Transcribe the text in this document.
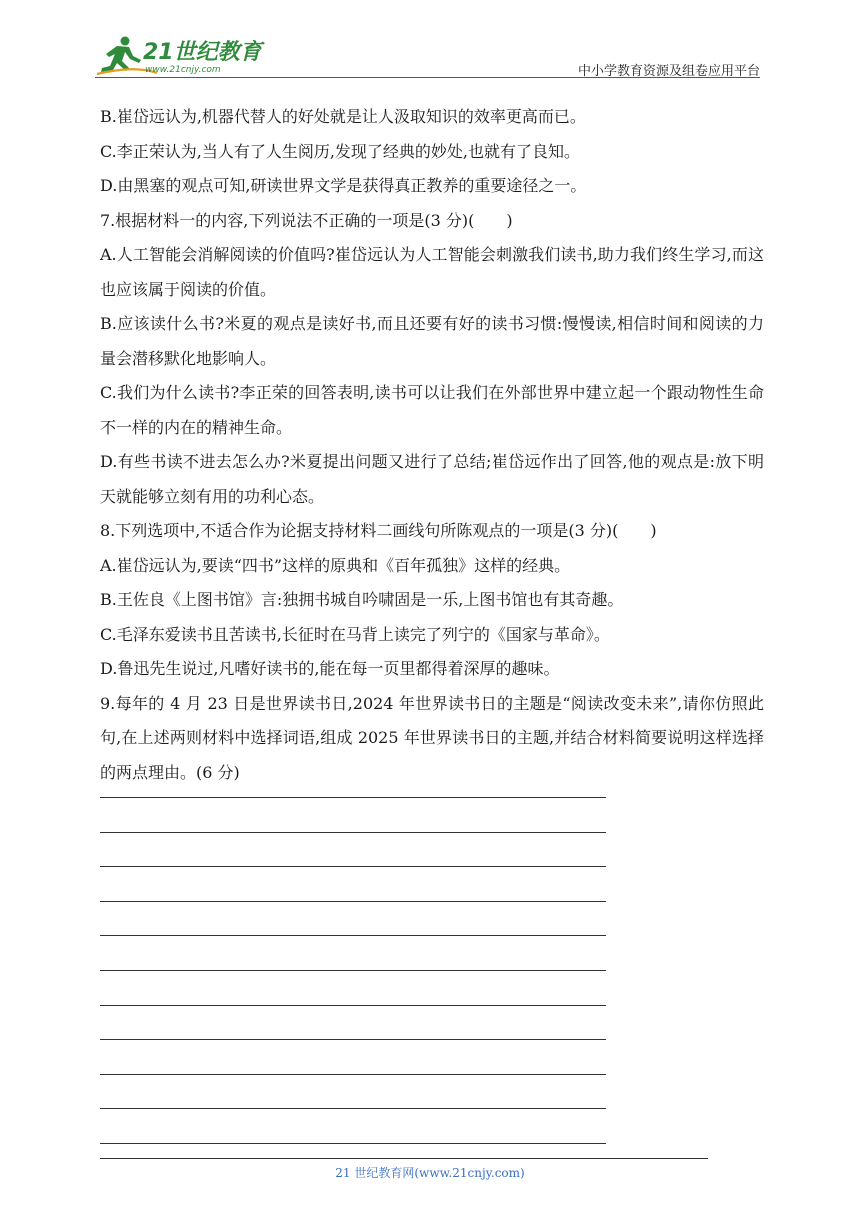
21世纪教育
www.21cnjy.com	中小学教育资源及组卷应用平台
B.崔岱远认为,机器代替人的好处就是让人汲取知识的效率更高而已。
C.李正荣认为,当人有了人生阅历,发现了经典的妙处,也就有了良知。
D.由黑塞的观点可知,研读世界文学是获得真正教养的重要途径之一。
7.根据材料一的内容,下列说法不正确的一项是(3 分)(　　)
A.人工智能会消解阅读的价值吗?崔岱远认为人工智能会刺激我们读书,助力我们终生学习,而这也应该属于阅读的价值。
B.应该读什么书?米夏的观点是读好书,而且还要有好的读书习惯:慢慢读,相信时间和阅读的力量会潜移默化地影响人。
C.我们为什么读书?李正荣的回答表明,读书可以让我们在外部世界中建立起一个跟动物性生命不一样的内在的精神生命。
D.有些书读不进去怎么办?米夏提出问题又进行了总结;崔岱远作出了回答,他的观点是:放下明天就能够立刻有用的功利心态。
8.下列选项中,不适合作为论据支持材料二画线句所陈观点的一项是(3 分)(　　)
A.崔岱远认为,要读“四书”这样的原典和《百年孤独》这样的经典。
B.王佐良《上图书馆》言:独拥书城自吟啸固是一乐,上图书馆也有其奇趣。
C.毛泽东爱读书且苦读书,长征时在马背上读完了列宁的《国家与革命》。
D.鲁迅先生说过,凡嗜好读书的,能在每一页里都得着深厚的趣味。
9.每年的 4 月 23 日是世界读书日,2024 年世界读书日的主题是“阅读改变未来”,请你仿照此句,在上述两则材料中选择词语,组成 2025 年世界读书日的主题,并结合材料简要说明这样选择的两点理由。(6 分)
21 世纪教育网(www.21cnjy.com)
